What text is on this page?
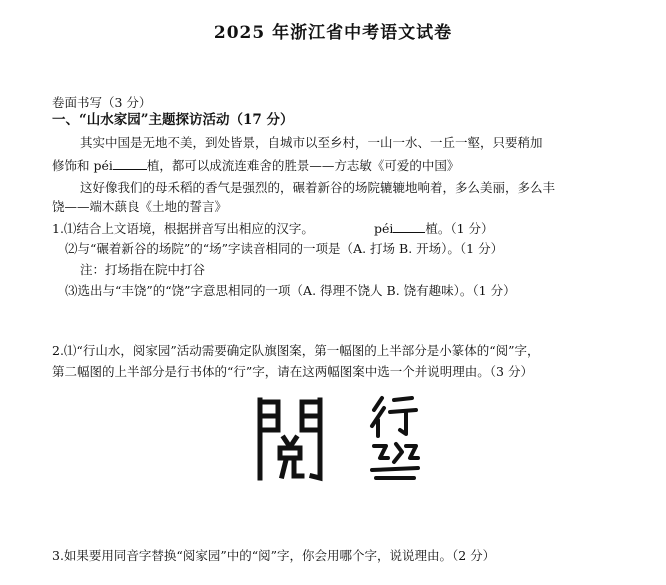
2025 年浙江省中考语文试卷
卷面书写（3 分）
一、“山水家园”主题探访活动（17 分）
其实中国是无地不美，到处皆景，自城市以至乡村，一山一水、一丘一壑，只要稍加
修饰和 péi	植，都可以成流连难舍的胜景——方志敏《可爱的中国》
这好像我们的母禾稻的香气是强烈的，碾着新谷的场院辘辘地响着，多么美丽，多么丰
饶——端木蕻良《土地的誓言》
1.⑴结合上文语境，根据拼音写出相应的汉字。	péi	植。（1 分）
⑵与“碾着新谷的场院”的“场”字读音相同的一项是（A. 打场 B. 开场）。（1 分）
注：打场指在院中打谷
⑶选出与“丰饶”的“饶”字意思相同的一项（A. 得理不饶人 B. 饶有趣味）。（1 分）
2.⑴“行山水，阅家园”活动需要确定队旗图案，第一幅图的上半部分是小篆体的“阅”字，
第二幅图的上半部分是行书体的“行”字，请在这两幅图案中选一个并说明理由。（3 分）
3.如果要用同音字替换“阅家园”中的“阅”字，你会用哪个字，说说理由。（2 分）
